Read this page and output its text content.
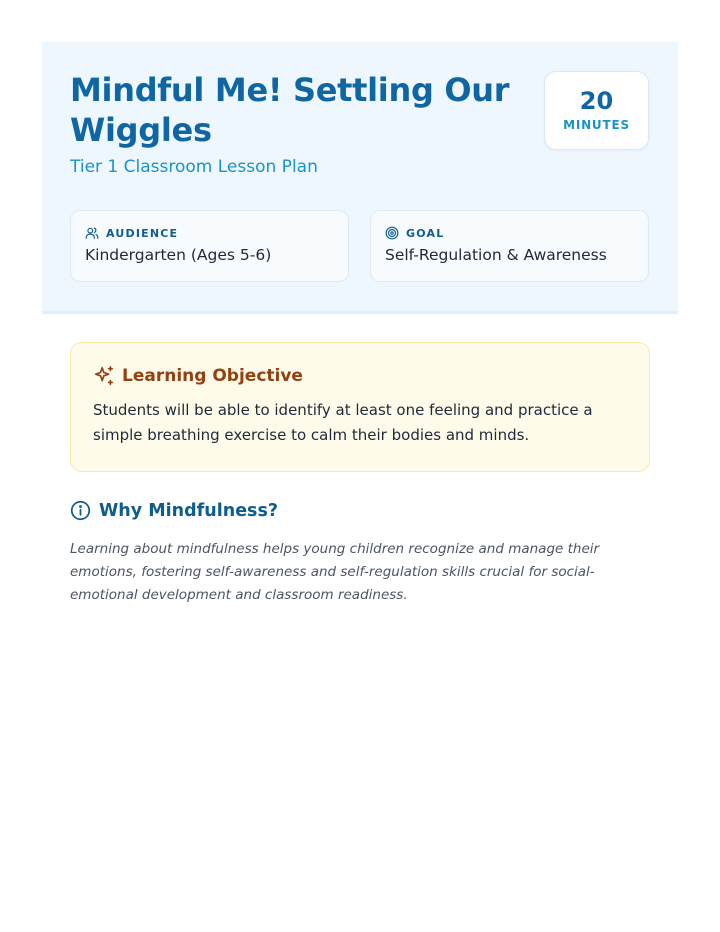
Mindful Me! Settling Our Wiggles
Tier 1 Classroom Lesson Plan
20
MINUTES
AUDIENCE
Kindergarten (Ages 5-6)
GOAL
Self-Regulation & Awareness
Learning Objective

Students will be able to identify at least one feeling and practice a simple breathing exercise to calm their bodies and minds.

Why Mindfulness?

Learning about mindfulness helps young children recognize and manage their emotions, fostering self-awareness and self-regulation skills crucial for social-emotional development and classroom readiness.
